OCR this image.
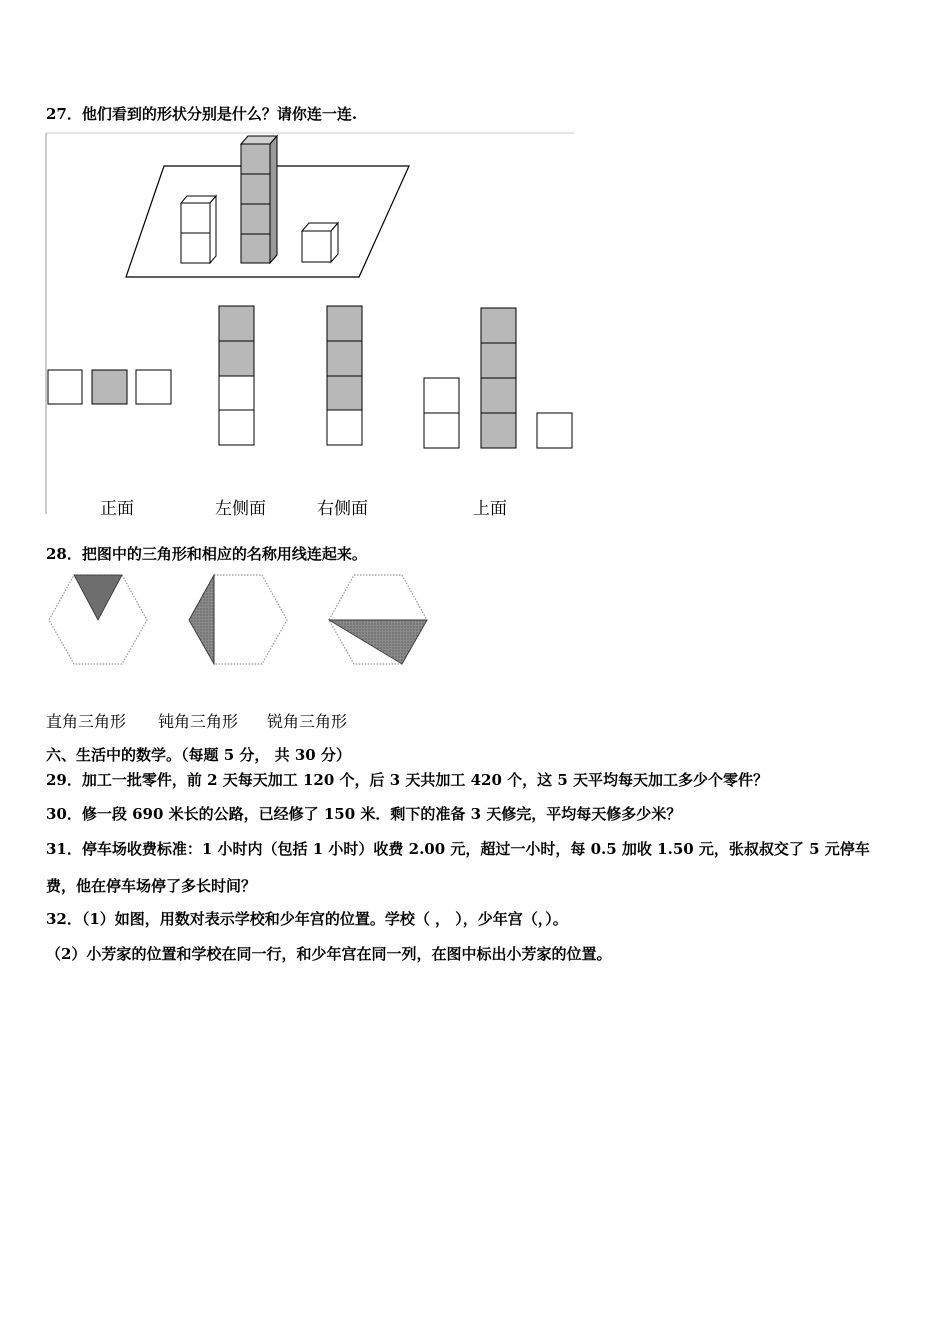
27．他们看到的形状分别是什么？请你连一连.
正面	左侧面	右侧面	上面
28．把图中的三角形和相应的名称用线连起来。
直角三角形 钝角三角形 锐角三角形
六、生活中的数学。（每题 5 分， 共 30 分）
29．加工一批零件，前 2 天每天加工 120 个，后 3 天共加工 420 个，这 5 天平均每天加工多少个零件？
30．修一段 690 米长的公路，已经修了 150 米．剩下的准备 3 天修完，平均每天修多少米？
31．停车场收费标准：1 小时内（包括 1 小时）收费 2.00 元，超过一小时，每 0.5 加收 1.50 元，张叔叔交了 5 元停车
费，他在停车场停了多长时间？
32．（1）如图，用数对表示学校和少年宫的位置。学校（ ， ），少年宫（，）。
（2）小芳家的位置和学校在同一行，和少年宫在同一列，在图中标出小芳家的位置。
